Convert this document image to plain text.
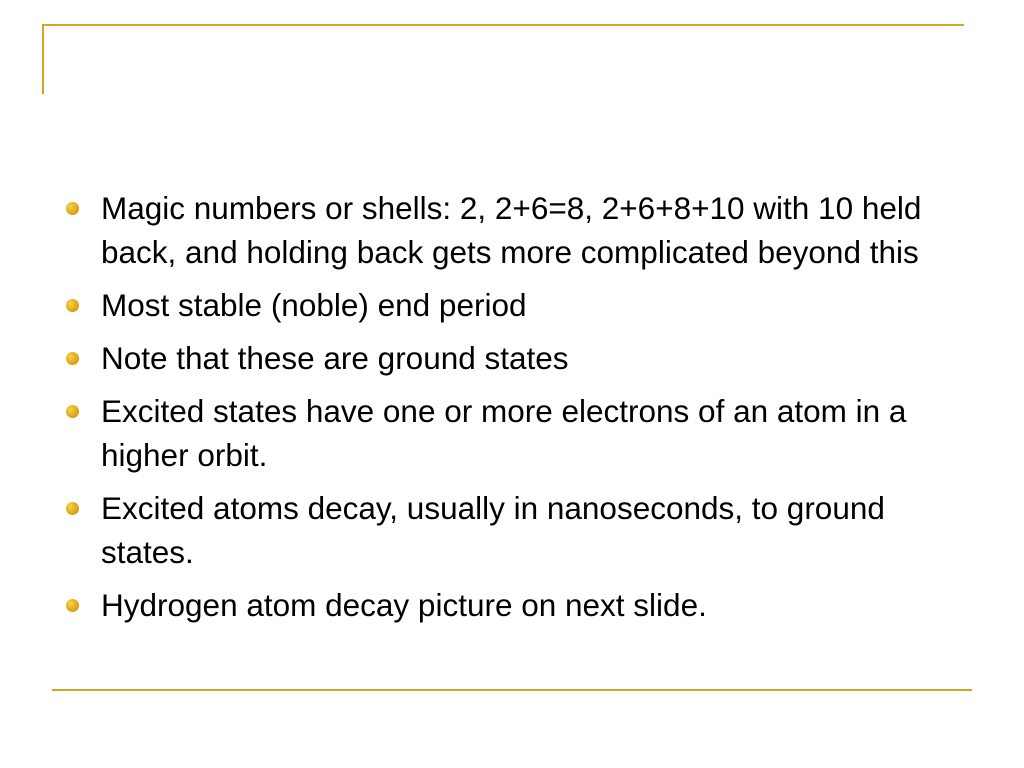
Magic numbers or shells: 2, 2+6=8, 2+6+8+10 with 10 held back, and holding back gets more complicated beyond this
Most stable (noble) end period
Note that these are ground states
Excited states have one or more electrons of an atom in a higher orbit.
Excited atoms decay, usually in nanoseconds, to ground states.
Hydrogen atom decay picture on next slide.
